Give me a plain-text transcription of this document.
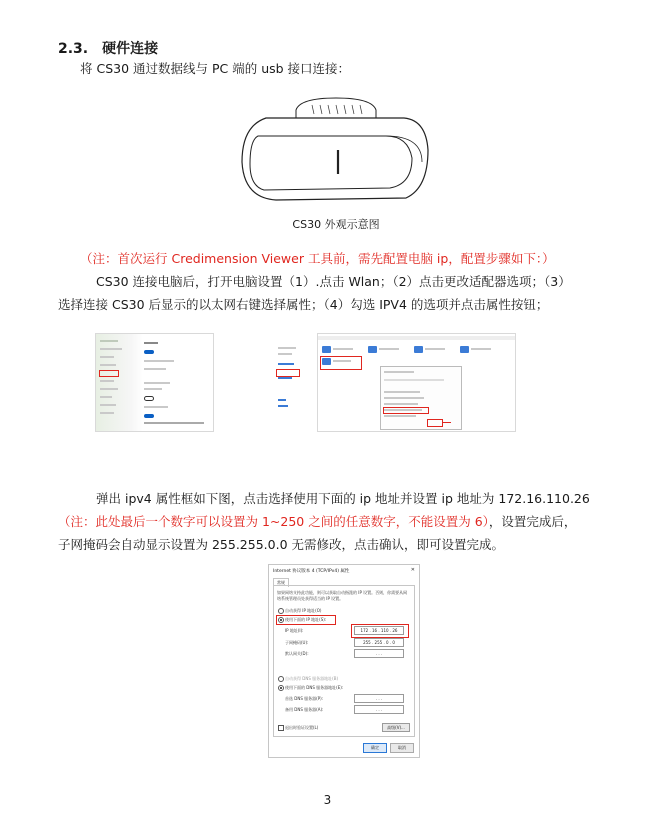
2.3. 硬件连接
将 CS30 通过数据线与 PC 端的 usb 接口连接：
CS30 外观示意图
（注：首次运行 Credimension Viewer 工具前，需先配置电脑 ip，配置步骤如下：）
CS30 连接电脑后，打开电脑设置（1）.点击 Wlan；（2）点击更改适配器选项；（3）
选择连接 CS30 后显示的以太网右键选择属性；（4）勾选 IPV4 的选项并点击属性按钮；
弹出 ipv4 属性框如下图，点击选择使用下面的 ip 地址并设置 ip 地址为 172.16.110.26
（注：此处最后一个数字可以设置为 1~250 之间的任意数字，不能设置为 6），设置完成后，
子网掩码会自动显示设置为 255.255.0.0 无需修改，点击确认，即可设置完成。
Internet 协议版本 4 (TCP/IPv4) 属性	✕
常规
如果网络支持此功能，则可以获取自动指派的 IP 设置。否则，你需要从网
络系统管理员处获得适当的 IP 设置。
自动获得 IP 地址(O)
使用下面的 IP 地址(S):
IP 地址(I):	172 . 16 . 110 . 26
子网掩码(U):	255 . 255 . 0 . 0
默认网关(D):	. . .
自动获得 DNS 服务器地址(B)
使用下面的 DNS 服务器地址(E):
首选 DNS 服务器(P):	. . .
备用 DNS 服务器(A):	. . .
退出时验证设置(L)	高级(V)...
确定	取消
3
